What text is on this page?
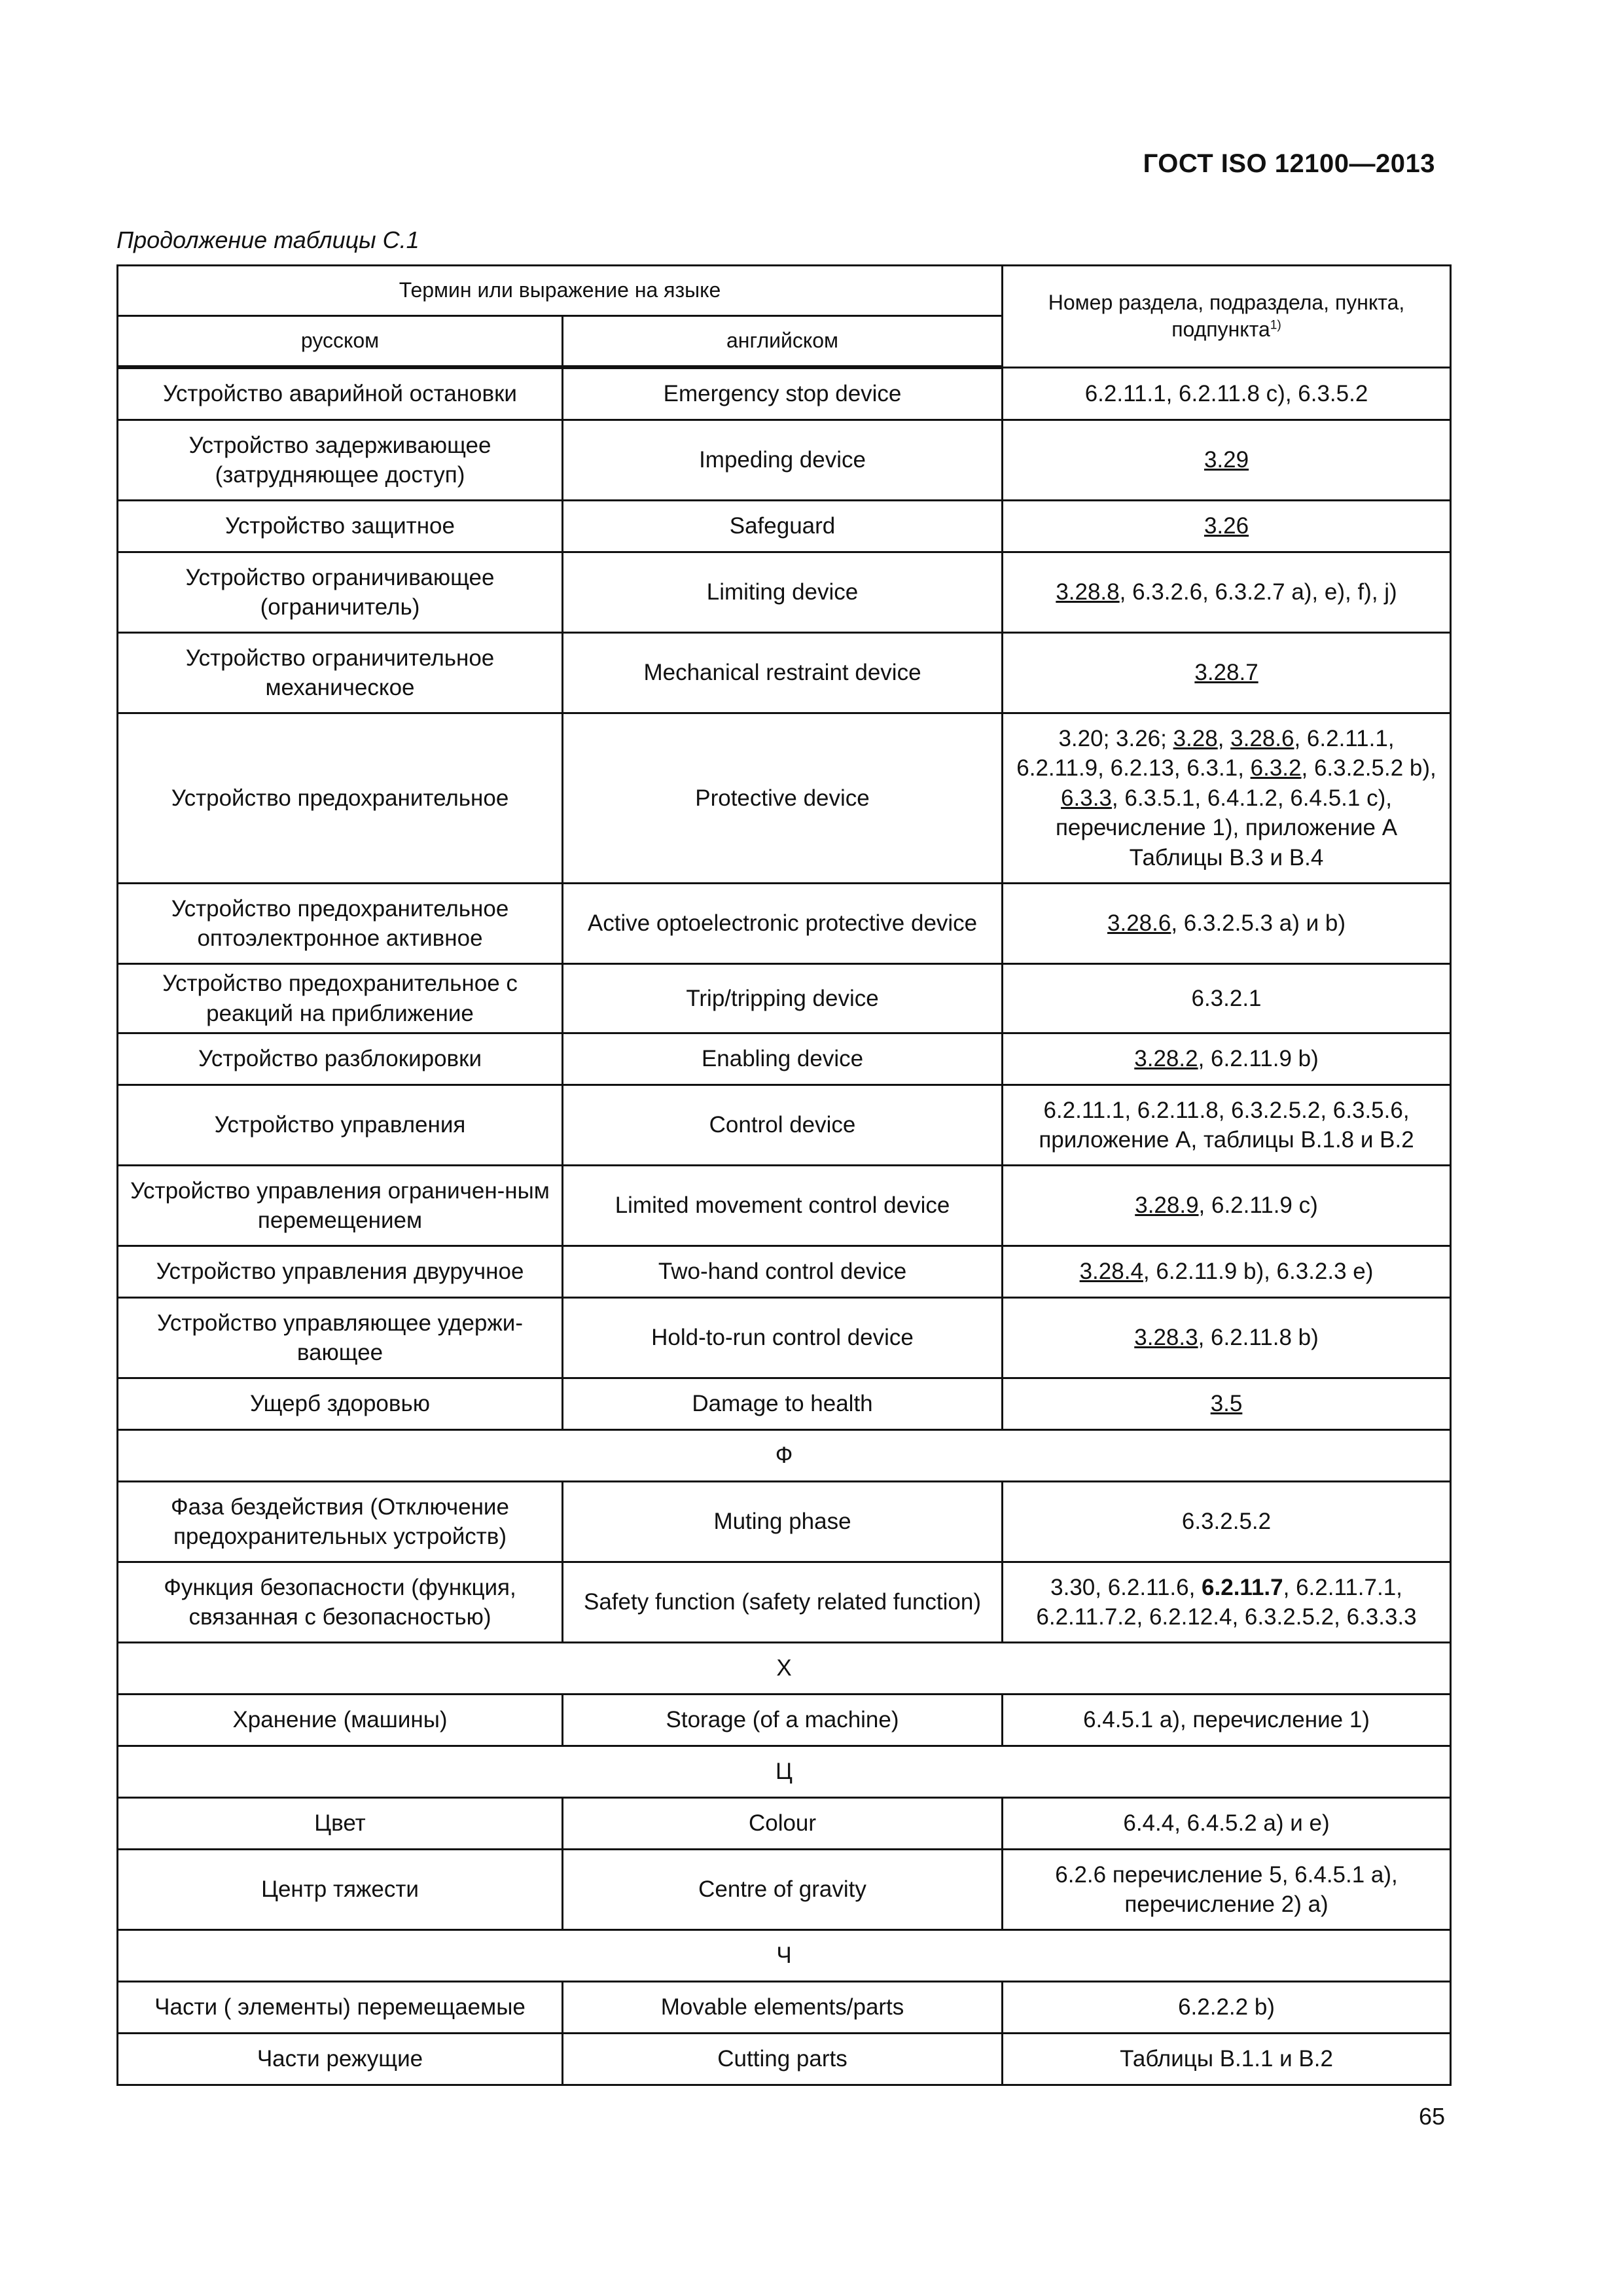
ГОСТ ISO 12100—2013
Продолжение таблицы С.1
Термин или выражение на языке		Номер раздела, подраздела, пункта, подпункта$^{1)}$
русском	английском	
Устройство аварийной остановки	Emergency stop device	6.2.11.1, 6.2.11.8 с), 6.3.5.2
Устройство задерживающее (затрудняющее доступ)	Impeding device	3.29
Устройство защитное	Safeguard	3.26
Устройство ограничивающее (ограничитель)	Limiting device	3.28.8, 6.3.2.6, 6.3.2.7 а), е), f), j)
Устройство ограничительное механическое	Mechanical restraint device	3.28.7
Устройство предохранительное	Protective device	3.20; 3.26; 3.28, 3.28.6, 6.2.11.1, 6.2.11.9, 6.2.13, 6.3.1, 6.3.2, 6.3.2.5.2 b), 6.3.3, 6.3.5.1, 6.4.1.2, 6.4.5.1 с), перечисление 1), приложение А Таблицы В.3 и В.4
Устройство предохранительное оптоэлектронное активное	Active optoelectronic protective device	3.28.6, 6.3.2.5.3 а) и b)
Устройство предохранительное с реакций на приближение	Trip/tripping device	6.3.2.1
Устройство разблокировки	Enabling device	3.28.2, 6.2.11.9 b)
Устройство управления	Control device	6.2.11.1, 6.2.11.8, 6.3.2.5.2, 6.3.5.6, приложение А, таблицы В.1.8 и В.2
Устройство управления ограничен-ным перемещением	Limited movement control device	3.28.9, 6.2.11.9 с)
Устройство управления двуручное	Two-hand control device	3.28.4, 6.2.11.9 b), 6.3.2.3 е)
Устройство управляющее удержи-вающее	Hold-to-run control device	3.28.3, 6.2.11.8 b)
Ущерб здоровью	Damage to health	3.5
Ф		
Фаза бездействия (Отключение предохранительных устройств)	Muting phase	6.3.2.5.2
Функция безопасности (функция, связанная с безопасностью)	Safety function (safety related function)	3.30, 6.2.11.6, 6.2.11.7, 6.2.11.7.1, 6.2.11.7.2, 6.2.12.4, 6.3.2.5.2, 6.3.3.3
Х		
Хранение (машины)	Storage (of a machine)	6.4.5.1 а), перечисление 1)
Ц		
Цвет	Colour	6.4.4, 6.4.5.2 а) и е)
Центр тяжести	Centre of gravity	6.2.6 перечисление 5, 6.4.5.1 а), перечисление 2) а)
Ч		
Части ( элементы) перемещаемые	Movable elements/parts	6.2.2.2 b)
Части режущие	Cutting parts	Таблицы В.1.1 и В.2
65
